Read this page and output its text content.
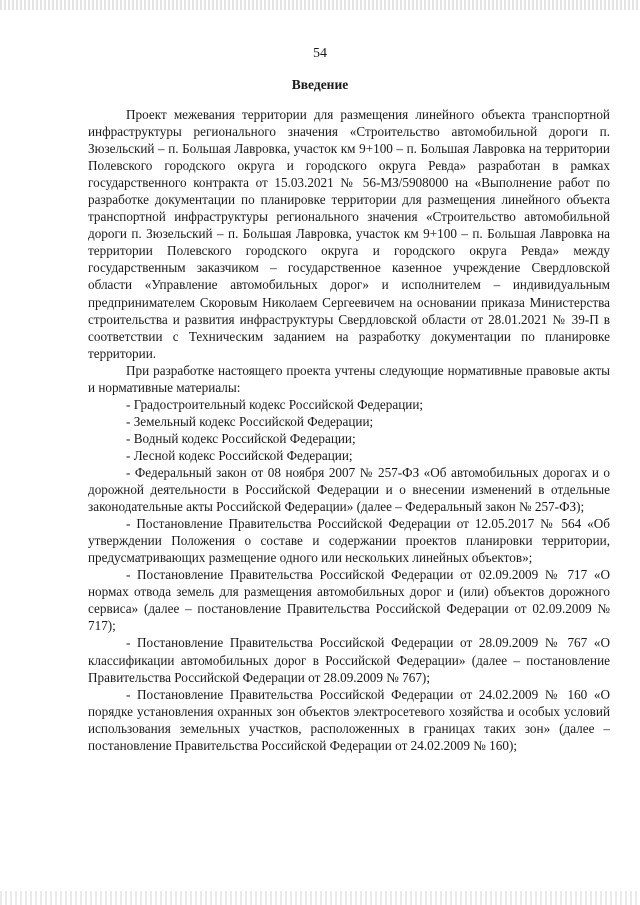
54
Введение

Проект межевания территории для размещения линейного объекта транспортной инфраструктуры регионального значения «Строительство автомобильной дороги п. Зюзельский – п. Большая Лавровка, участок км 9+100 – п. Большая Лавровка на территории Полевского городского округа и городского округа Ревда» разработан в рамках государственного контракта от 15.03.2021 № 56-МЗ/5908000 на «Выполнение работ по разработке документации по планировке территории для размещения линейного объекта транспортной инфраструктуры регионального значения «Строительство автомобильной дороги п. Зюзельский – п. Большая Лавровка, участок км 9+100 – п. Большая Лавровка на территории Полевского городского округа и городского округа Ревда» между государственным заказчиком – государственное казенное учреждение Свердловской области «Управление автомобильных дорог» и исполнителем – индивидуальным предпринимателем Скоровым Николаем Сергеевичем на основании приказа Министерства строительства и развития инфраструктуры Свердловской области от 28.01.2021 № 39-П в соответствии с Техническим заданием на разработку документации по планировке территории.

При разработке настоящего проекта учтены следующие нормативные правовые акты и нормативные материалы:

- Градостроительный кодекс Российской Федерации;

- Земельный кодекс Российской Федерации;

- Водный кодекс Российской Федерации;

- Лесной кодекс Российской Федерации;

- Федеральный закон от 08 ноября 2007 № 257-ФЗ «Об автомобильных дорогах и о дорожной деятельности в Российской Федерации и о внесении изменений в отдельные законодательные акты Российской Федерации» (далее – Федеральный закон № 257-ФЗ);

- Постановление Правительства Российской Федерации от 12.05.2017 № 564 «Об утверждении Положения о составе и содержании проектов планировки территории, предусматривающих размещение одного или нескольких линейных объектов»;

- Постановление Правительства Российской Федерации от 02.09.2009 № 717 «О нормах отвода земель для размещения автомобильных дорог и (или) объектов дорожного сервиса» (далее – постановление Правительства Российской Федерации от 02.09.2009 № 717);

- Постановление Правительства Российской Федерации от 28.09.2009 № 767 «О классификации автомобильных дорог в Российской Федерации» (далее – постановление Правительства Российской Федерации от 28.09.2009 № 767);

- Постановление Правительства Российской Федерации от 24.02.2009 № 160 «О порядке установления охранных зон объектов электросетевого хозяйства и особых условий использования земельных участков, расположенных в границах таких зон» (далее – постановление Правительства Российской Федерации от 24.02.2009 № 160);
